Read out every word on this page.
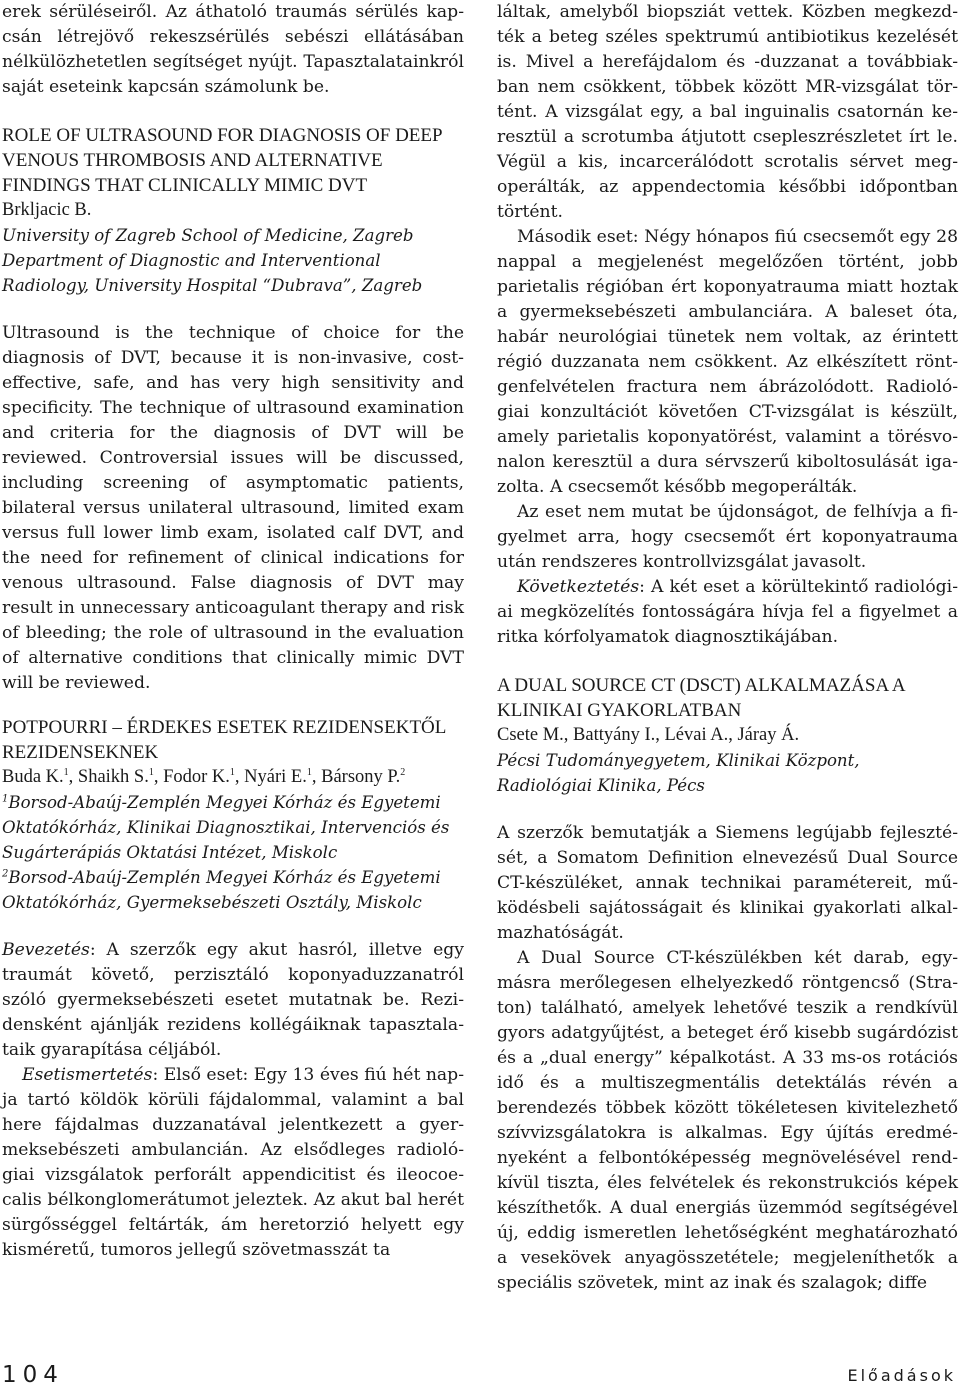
erek sérüléseiről. Az áthatoló traumás sérülés kapcsán létrejövő rekeszsérülés sebészi ellátásában nélkülözhetetlen segítséget nyújt. Tapasztalatainkról saját eseteink kapcsán számolunk be.

ROLE OF ULTRASOUND FOR DIAGNOSIS OF DEEP VENOUS THROMBOSIS AND ALTERNATIVE FINDINGS THAT CLINICALLY MIMIC DVT

Brkljacic B.

University of Zagreb School of Medicine, Zagreb

Department of Diagnostic and Interventional Radiology, University Hospital “Dubrava”, Zagreb

Ultrasound is the technique of choice for the diagnosis of DVT, because it is non-invasive, cost-effective, safe, and has very high sensitivity and specificity. The technique of ultrasound examination and criteria for the diagnosis of DVT will be reviewed. Controversial issues will be discussed, including screening of asymptomatic patients, bilateral versus unilateral ultrasound, limited exam versus full lower limb exam, isolated calf DVT, and the need for refinement of clinical indications for venous ultrasound. False diagnosis of DVT may result in unnecessary anticoagulant therapy and risk of bleeding; the role of ultrasound in the evaluation of alternative conditions that clinically mimic DVT will be reviewed.

POTPOURRI – ÉRDEKES ESETEK REZIDENSEKTŐL REZIDENSEKNEK

Buda K.$^1$, Shaikh S.$^1$, Fodor K.$^1$, Nyári E.$^1$, Bársony P.$^2$

$^1$Borsod-Abaúj-Zemplén Megyei Kórház és Egyetemi Oktatókórház, Klinikai Diagnosztikai, Intervenciós és Sugárterápiás Oktatási Intézet, Miskolc

$^2$Borsod-Abaúj-Zemplén Megyei Kórház és Egyetemi Oktatókórház, Gyermeksebészeti Osztály, Miskolc

Bevezetés: A szerzők egy akut hasról, illetve egy traumát követő, perzisztáló koponyaduzzanatról szóló gyermeksebészeti esetet mutatnak be. Rezidensként ajánlják rezidens kollégáiknak tapasztalataik gyarapítása céljából.

Esetismertetés: Első eset: Egy 13 éves fiú hét napja tartó köldök körüli fájdalommal, valamint a bal here fájdalmas duzzanatával jelentkezett a gyermeksebészeti ambulancián. Az elsődleges radiológiai vizsgálatok perforált appendicitist és ileocoecalis bélkonglomerátumot jeleztek. Az akut bal herét sürgősséggel feltárták, ám heretorzió helyett egy kisméretű, tumoros jellegű szövetmasszát ta

láltak, amelyből biopsziát vettek. Közben megkezdték a beteg széles spektrumú antibiotikus kezelését is. Mivel a herefájdalom és -duzzanat a továbbiakban nem csökkent, többek között MR-vizsgálat történt. A vizsgálat egy, a bal inguinalis csatornán keresztül a scrotumba átjutott csepleszrészletet írt le. Végül a kis, incarcerálódott scrotalis sérvet megoperálták, az appendectomia későbbi időpontban történt.

Második eset: Négy hónapos fiú csecsemőt egy 28 nappal a megjelenést megelőzően történt, jobb parietalis régióban ért koponyatrauma miatt hoztak a gyermeksebészeti ambulanciára. A baleset óta, habár neurológiai tünetek nem voltak, az érintett régió duzzanata nem csökkent. Az elkészített röntgenfelvételen fractura nem ábrázolódott. Radiológiai konzultációt követően CT-vizsgálat is készült, amely parietalis koponyatörést, valamint a törésvonalon keresztül a dura sérvszerű kiboltosulását igazolta. A csecsemőt később megoperálták.

Az eset nem mutat be újdonságot, de felhívja a figyelmet arra, hogy csecsemőt ért koponyatrauma után rendszeres kontrollvizsgálat javasolt.

Következtetés: A két eset a körültekintő radiológiai megközelítés fontosságára hívja fel a figyelmet a ritka kórfolyamatok diagnosztikájában.

A DUAL SOURCE CT (DSCT) ALKALMAZÁSA A KLINIKAI GYAKORLATBAN

Csete M., Battyány I., Lévai A., Járay Á.

Pécsi Tudományegyetem, Klinikai Központ, Radiológiai Klinika, Pécs

A szerzők bemutatják a Siemens legújabb fejlesztését, a Somatom Definition elnevezésű Dual Source CT-készüléket, annak technikai paramétereit, működésbeli sajátosságait és klinikai gyakorlati alkalmazhatóságát.

A Dual Source CT-készülékben két darab, egymásra merőlegesen elhelyezkedő röntgencső (Straton) található, amelyek lehetővé teszik a rendkívül gyors adatgyűjtést, a beteget érő kisebb sugárdózist és a „dual energy” képalkotást. A 33 ms-os rotációs idő és a multiszegmentális detektálás révén a berendezés többek között tökéletesen kivitelezhető szívvizsgálatokra is alkalmas. Egy újítás eredményeként a felbontóképesség megnövelésével rendkívül tiszta, éles felvételek és rekonstrukciós képek készíthetők. A dual energiás üzemmód segítségével új, eddig ismeretlen lehetőségként meghatározható a vesekövek anyagösszetétele; megjeleníthetők a speciális szövetek, mint az inak és szalagok; diffe

104	Előadások
